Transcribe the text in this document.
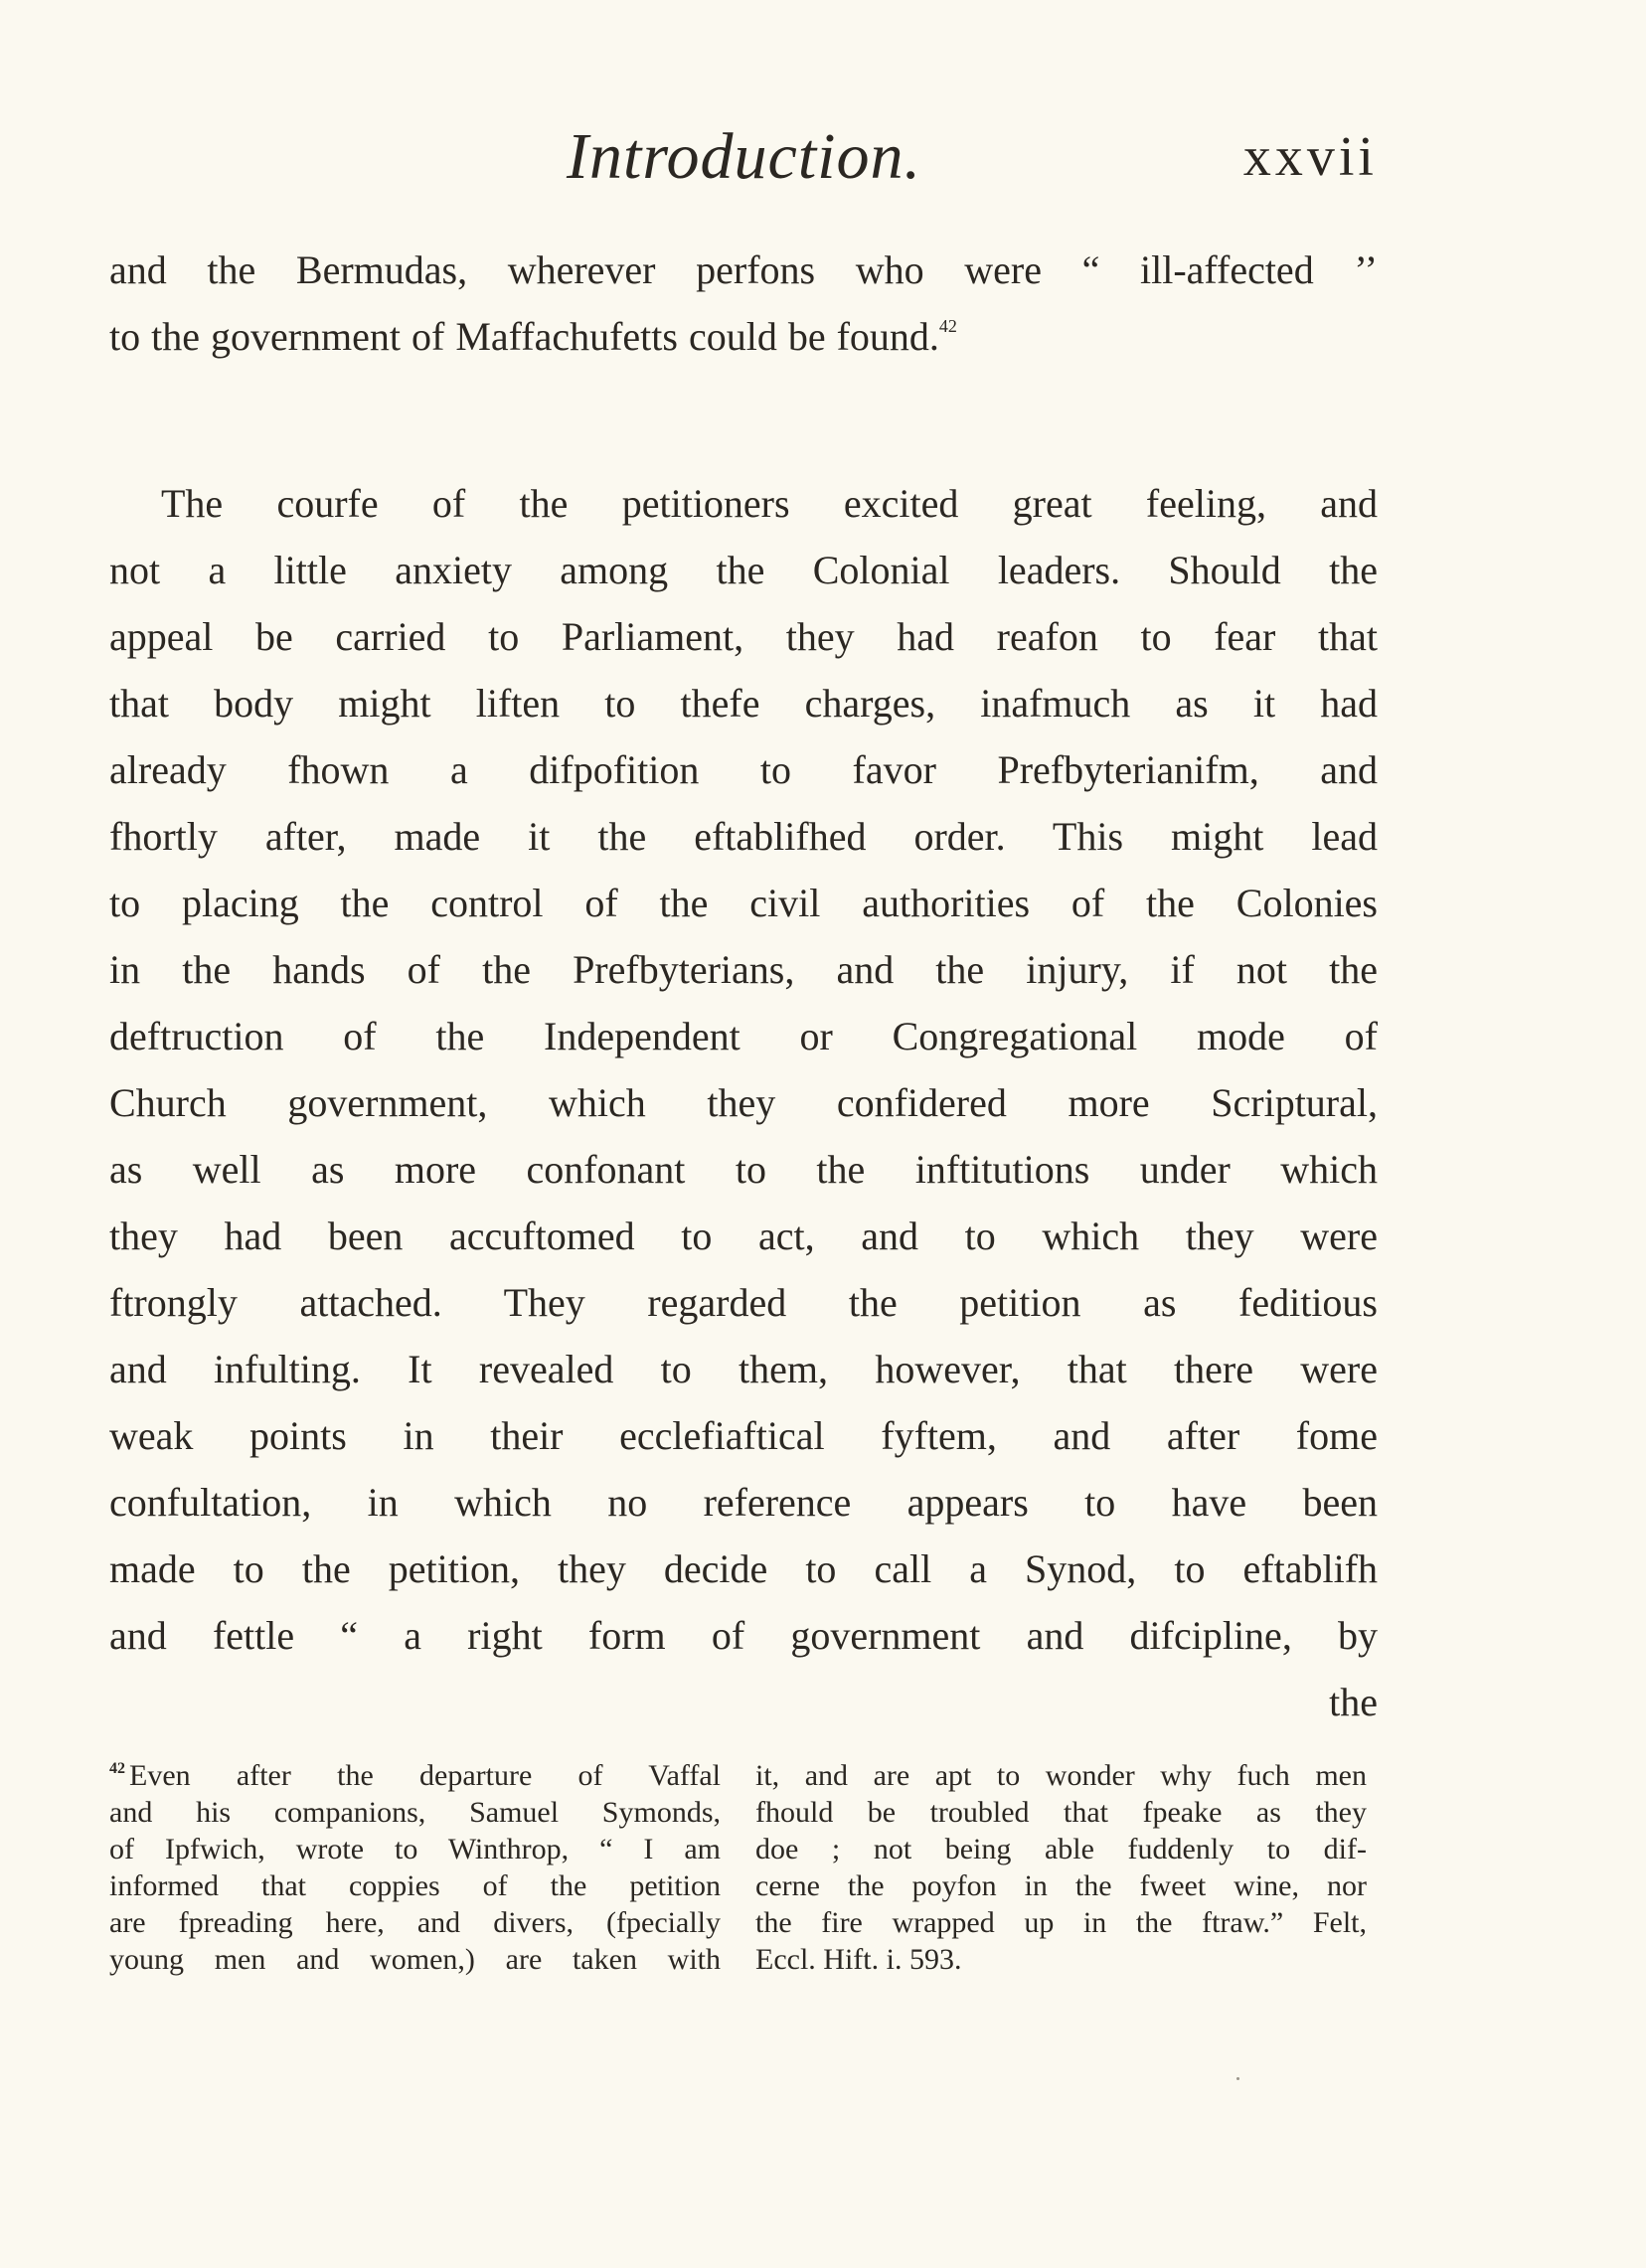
Introduction.	xxvii
and the Bermudas, wherever perfons who were “ ill-affected ’’
to the government of Maffachufetts could be found.$^{42}$
The courfe of the petitioners excited great feeling, and
not a little anxiety among the Colonial leaders. Should the
appeal be carried to Parliament, they had reafon to fear that
that body might liften to thefe charges, inafmuch as it had
already fhown a difpofition to favor Prefbyterianifm, and
fhortly after, made it the eftablifhed order. This might lead
to placing the control of the civil authorities of the Colonies
in the hands of the Prefbyterians, and the injury, if not the
deftruction of the Independent or Congregational mode of
Church government, which they confidered more Scriptural,
as well as more confonant to the inftitutions under which
they had been accuftomed to act, and to which they were
ftrongly attached. They regarded the petition as feditious
and infulting. It revealed to them, however, that there were
weak points in their ecclefiaftical fyftem, and after fome
confultation, in which no reference appears to have been
made to the petition, they decide to call a Synod, to eftablifh
and fettle “ a right form of government and difcipline, by
the
$^{42}$ Even after the departure of Vaffal
and his companions, Samuel Symonds,
of Ipfwich, wrote to Winthrop, “ I am
informed that coppies of the petition
are fpreading here, and divers, (fpecially
young men and women,) are taken with
it, and are apt to wonder why fuch men
fhould be troubled that fpeake as they
doe ; not being able fuddenly to dif-
cerne the poyfon in the fweet wine, nor
the fire wrapped up in the ftraw.” Felt,
Eccl. Hift. i. 593.
